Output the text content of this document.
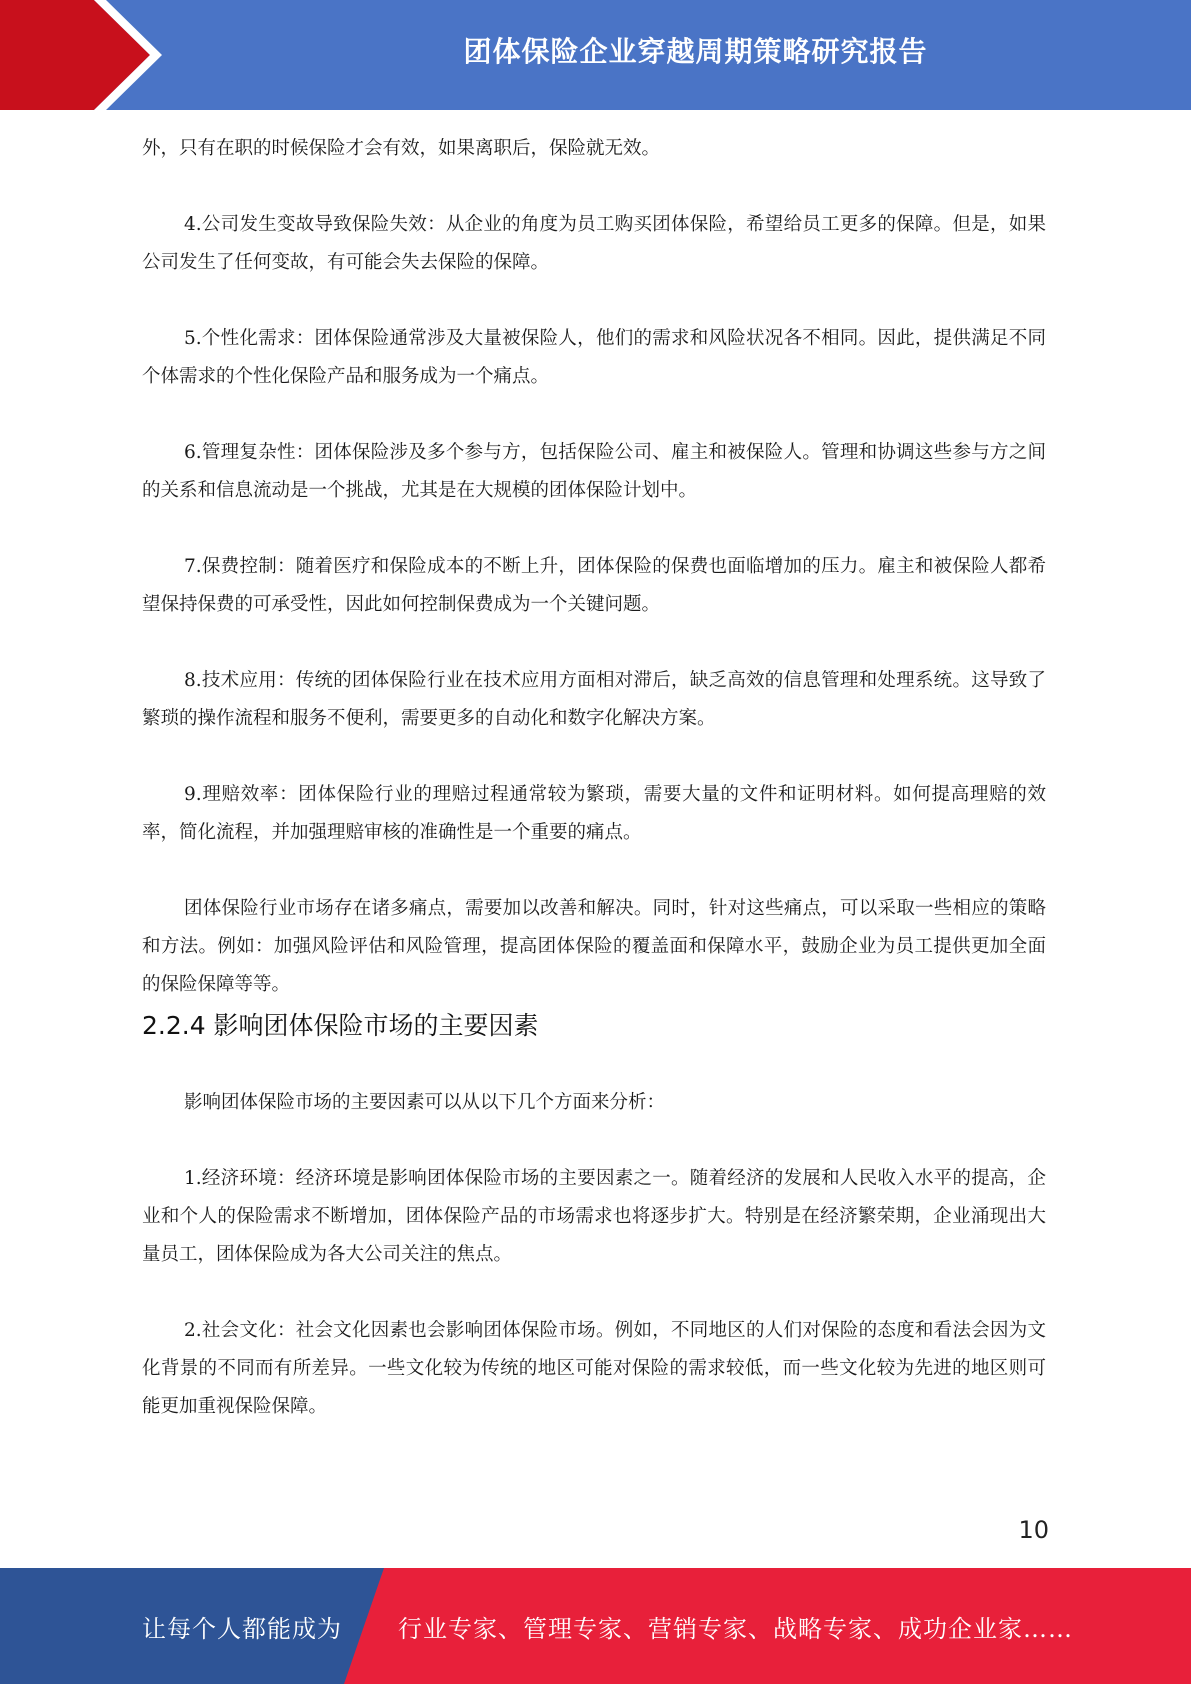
团体保险企业穿越周期策略研究报告

外，只有在职的时候保险才会有效，如果离职后，保险就无效。

4.公司发生变故导致保险失效：从企业的角度为员工购买团体保险，希望给员工更多的保障。但是，如果公司发生了任何变故，有可能会失去保险的保障。

5.个性化需求：团体保险通常涉及大量被保险人，他们的需求和风险状况各不相同。因此，提供满足不同个体需求的个性化保险产品和服务成为一个痛点。

6.管理复杂性：团体保险涉及多个参与方，包括保险公司、雇主和被保险人。管理和协调这些参与方之间的关系和信息流动是一个挑战，尤其是在大规模的团体保险计划中。

7.保费控制：随着医疗和保险成本的不断上升，团体保险的保费也面临增加的压力。雇主和被保险人都希望保持保费的可承受性，因此如何控制保费成为一个关键问题。

8.技术应用：传统的团体保险行业在技术应用方面相对滞后，缺乏高效的信息管理和处理系统。这导致了繁琐的操作流程和服务不便利，需要更多的自动化和数字化解决方案。

9.理赔效率：团体保险行业的理赔过程通常较为繁琐，需要大量的文件和证明材料。如何提高理赔的效率，简化流程，并加强理赔审核的准确性是一个重要的痛点。

团体保险行业市场存在诸多痛点，需要加以改善和解决。同时，针对这些痛点，可以采取一些相应的策略和方法。例如：加强风险评估和风险管理，提高团体保险的覆盖面和保障水平，鼓励企业为员工提供更加全面的保险保障等等。

2.2.4 影响团体保险市场的主要因素

影响团体保险市场的主要因素可以从以下几个方面来分析：

1.经济环境：经济环境是影响团体保险市场的主要因素之一。随着经济的发展和人民收入水平的提高，企业和个人的保险需求不断增加，团体保险产品的市场需求也将逐步扩大。特别是在经济繁荣期，企业涌现出大量员工，团体保险成为各大公司关注的焦点。

2.社会文化：社会文化因素也会影响团体保险市场。例如，不同地区的人们对保险的态度和看法会因为文化背景的不同而有所差异。一些文化较为传统的地区可能对保险的需求较低，而一些文化较为先进的地区则可能更加重视保险保障。

10
让每个人都能成为 行业专家、管理专家、营销专家、战略专家、成功企业家……
